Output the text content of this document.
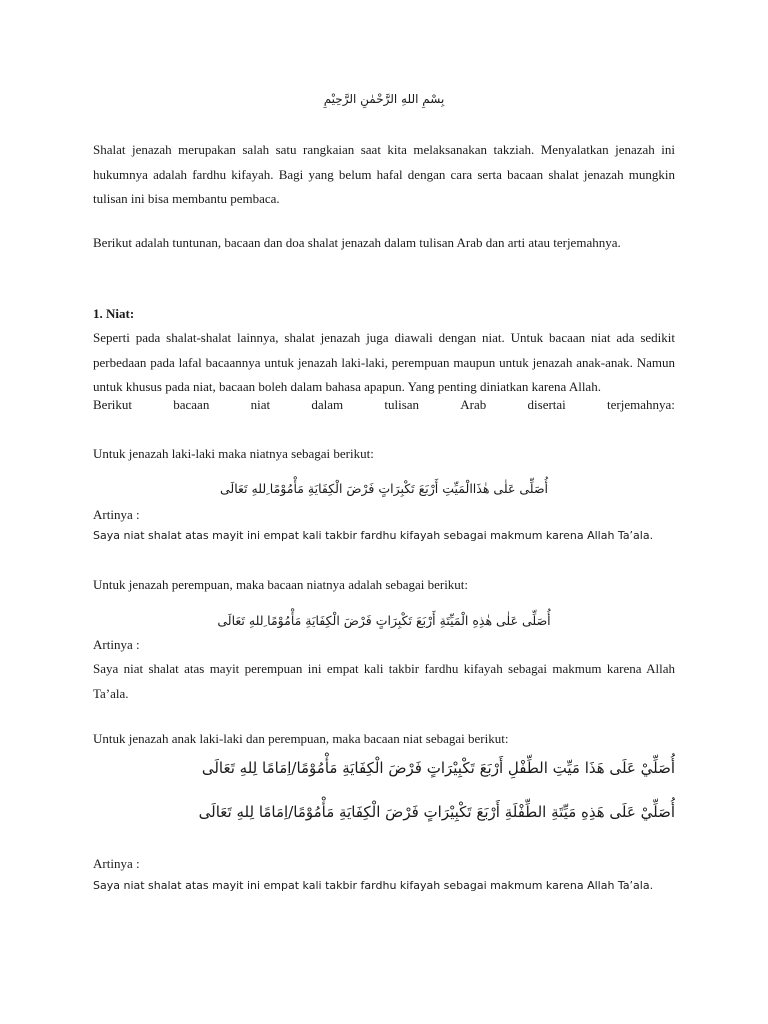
بِسْمِ اللهِ الرَّحْمٰنِ الرَّحِيْمِ

Shalat jenazah merupakan salah satu rangkaian saat kita melaksanakan takziah. Menyalatkan jenazah ini hukumnya adalah fardhu kifayah. Bagi yang belum hafal dengan cara serta bacaan shalat jenazah mungkin tulisan ini bisa membantu pembaca.

Berikut adalah tuntunan, bacaan dan doa shalat jenazah dalam tulisan Arab dan arti atau terjemahnya.

1. Niat:

Seperti pada shalat-shalat lainnya, shalat jenazah juga diawali dengan niat. Untuk bacaan niat ada sedikit perbedaan pada lafal bacaannya untuk jenazah laki-laki, perempuan maupun untuk jenazah anak-anak. Namun untuk khusus pada niat, bacaan boleh dalam bahasa apapun. Yang penting diniatkan karena Allah.

Berikut	bacaan	niat	dalam	tulisan	Arab	disertai	terjemahnya:

Untuk jenazah laki-laki maka niatnya sebagai berikut:

أُصَلِّى عَلٰى هٰذَاالْمَيِّتِ أَرْبَعَ تَكْبِرَاتٍ فَرْضَ الْكِفَايَةِ مَأْمُوْمًا ِللهِ تَعَالَى

Artinya :

Saya niat shalat atas mayit ini empat kali takbir fardhu kifayah sebagai makmum karena Allah Ta’ala.

Untuk jenazah perempuan, maka bacaan niatnya adalah sebagai berikut:

أُصَلِّى عَلٰى هٰذِهِ الْمَيِّتَةِ أَرْبَعَ تَكْبِرَاتٍ فَرْضَ الْكِفَايَةِ مَأْمُوْمًا ِللهِ تَعَالَى

Artinya :

Saya niat shalat atas mayit perempuan ini empat kali takbir fardhu kifayah sebagai makmum karena Allah Ta’ala.

Untuk jenazah anak laki-laki dan perempuan, maka bacaan niat sebagai berikut:

أُصَلِّيْ عَلَى هَذَا مَيِّتِ الطِّفْلِ أَرْبَعَ تَكْبِيْرَاتٍ فَرْضَ الْكِفَايَةِ مَأْمُوْمًا/اِمَامًا لِلهِ تَعَالَى

أُصَلِّيْ عَلَى هَذِهِ مَيِّتَةِ الطِّفْلَةِ أَرْبَعَ تَكْبِيْرَاتٍ فَرْضَ الْكِفَايَةِ مَأْمُوْمًا/اِمَامًا لِلهِ تَعَالَى

Artinya :

Saya niat shalat atas mayit ini empat kali takbir fardhu kifayah sebagai makmum karena Allah Ta’ala.
